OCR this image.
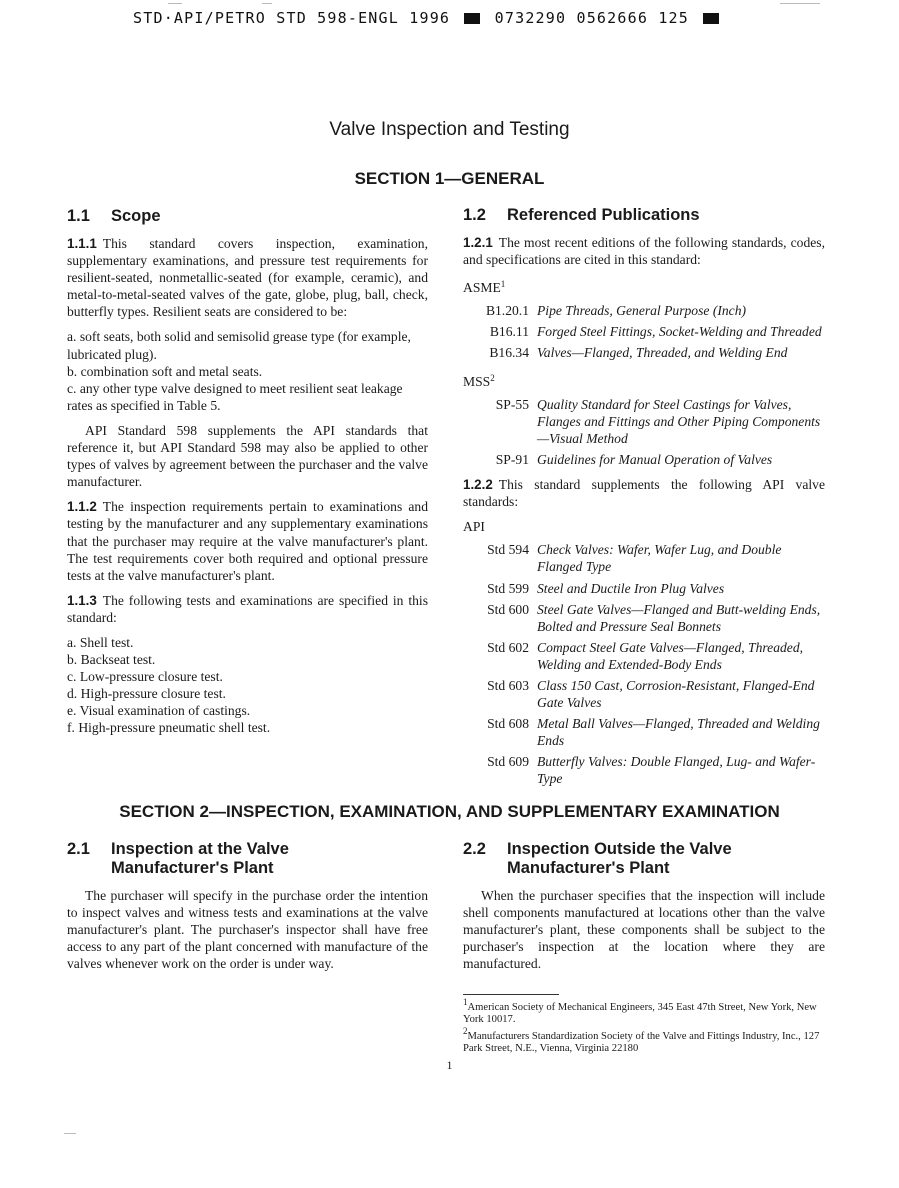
STD·API/PETRO STD 598-ENGL 1996	0732290 0562666 125
Valve Inspection and Testing
SECTION 1—GENERAL
1.1 Scope

1.1.1 This standard covers inspection, examination, supplementary examinations, and pressure test requirements for resilient-seated, nonmetallic-seated (for example, ceramic), and metal-to-metal-seated valves of the gate, globe, plug, ball, check, butterfly types. Resilient seats are considered to be:

a. soft seats, both solid and semisolid grease type (for example, lubricated plug).
b. combination soft and metal seats.
c. any other type valve designed to meet resilient seat leakage rates as specified in Table 5.

API Standard 598 supplements the API standards that reference it, but API Standard 598 may also be applied to other types of valves by agreement between the purchaser and the valve manufacturer.

1.1.2 The inspection requirements pertain to examinations and testing by the manufacturer and any supplementary examinations that the purchaser may require at the valve manufacturer's plant. The test requirements cover both required and optional pressure tests at the valve manufacturer's plant.

1.1.3 The following tests and examinations are specified in this standard:

a. Shell test.
b. Backseat test.
c. Low-pressure closure test.
d. High-pressure closure test.
e. Visual examination of castings.
f. High-pressure pneumatic shell test.
1.2 Referenced Publications

1.2.1 The most recent editions of the following standards, codes, and specifications are cited in this standard:

ASME$^1$
B1.20.1 Pipe Threads, General Purpose (Inch)
B16.11 Forged Steel Fittings, Socket-Welding and Threaded
B16.34 Valves—Flanged, Threaded, and Welding End
MSS$^2$
SP-55 Quality Standard for Steel Castings for Valves, Flanges and Fittings and Other Piping Components—Visual Method
SP-91 Guidelines for Manual Operation of Valves

1.2.2 This standard supplements the following API valve standards:

API
Std 594 Check Valves: Wafer, Wafer Lug, and Double Flanged Type
Std 599 Steel and Ductile Iron Plug Valves
Std 600 Steel Gate Valves—Flanged and Butt-welding Ends, Bolted and Pressure Seal Bonnets
Std 602 Compact Steel Gate Valves—Flanged, Threaded, Welding and Extended-Body Ends
Std 603 Class 150 Cast, Corrosion-Resistant, Flanged-End Gate Valves
Std 608 Metal Ball Valves—Flanged, Threaded and Welding Ends
Std 609 Butterfly Valves: Double Flanged, Lug- and Wafer-Type
SECTION 2—INSPECTION, EXAMINATION, AND SUPPLEMENTARY EXAMINATION
2.1 Inspection at the Valve
Manufacturer's Plant

The purchaser will specify in the purchase order the intention to inspect valves and witness tests and examinations at the valve manufacturer's plant. The purchaser's inspector shall have free access to any part of the plant concerned with manufacture of the valves whenever work on the order is under way.

2.2 Inspection Outside the Valve
Manufacturer's Plant

When the purchaser specifies that the inspection will include shell components manufactured at locations other than the valve manufacturer's plant, these components shall be subject to the purchaser's inspection at the location where they are manufactured.

$^1$American Society of Mechanical Engineers, 345 East 47th Street, New York, New York 10017.
$^2$Manufacturers Standardization Society of the Valve and Fittings Industry, Inc., 127 Park Street, N.E., Vienna, Virginia 22180
1
